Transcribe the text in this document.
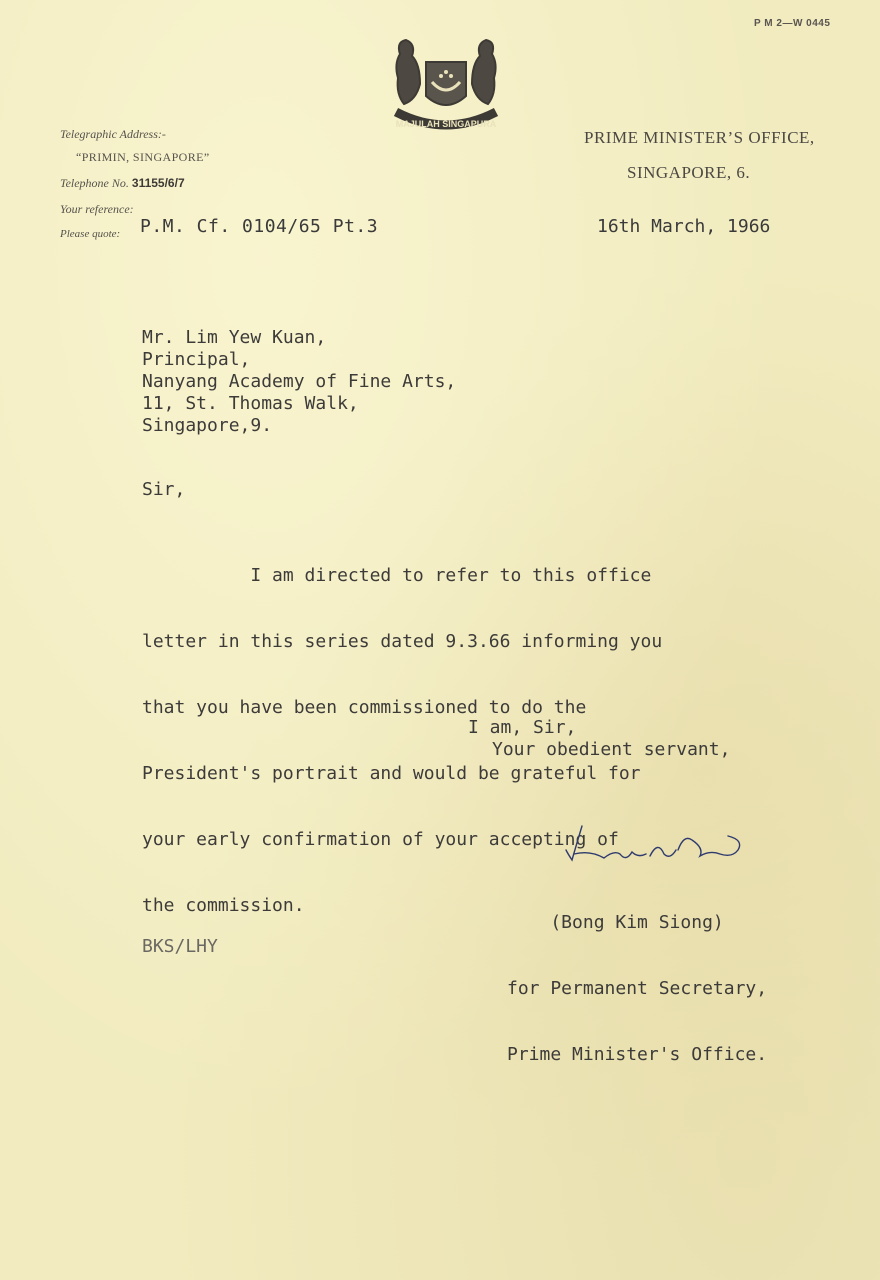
P M 2—W 0445
MAJULAH SINGAPURA
Telegraphic Address:-
“PRIMIN, SINGAPORE”
Telephone No. 31155/6/7
Your reference:
Please quote: P.M. Cf. 0104/65 Pt.3
PRIME MINISTER’S OFFICE,
SINGAPORE, 6.
16th March, 1966
Mr. Lim Yew Kuan,
Principal,
Nanyang Academy of Fine Arts,
11, St. Thomas Walk,
Singapore,9.
Sir,

I am directed to refer to this office

letter in this series dated 9.3.66 informing you

that you have been commissioned to do the

President's portrait and would be grateful for

your early confirmation of your accepting of

the commission.

I am, Sir,
Your obedient servant,

(Bong Kim Siong)

for Permanent Secretary,

Prime Minister's Office.

BKS/LHY
